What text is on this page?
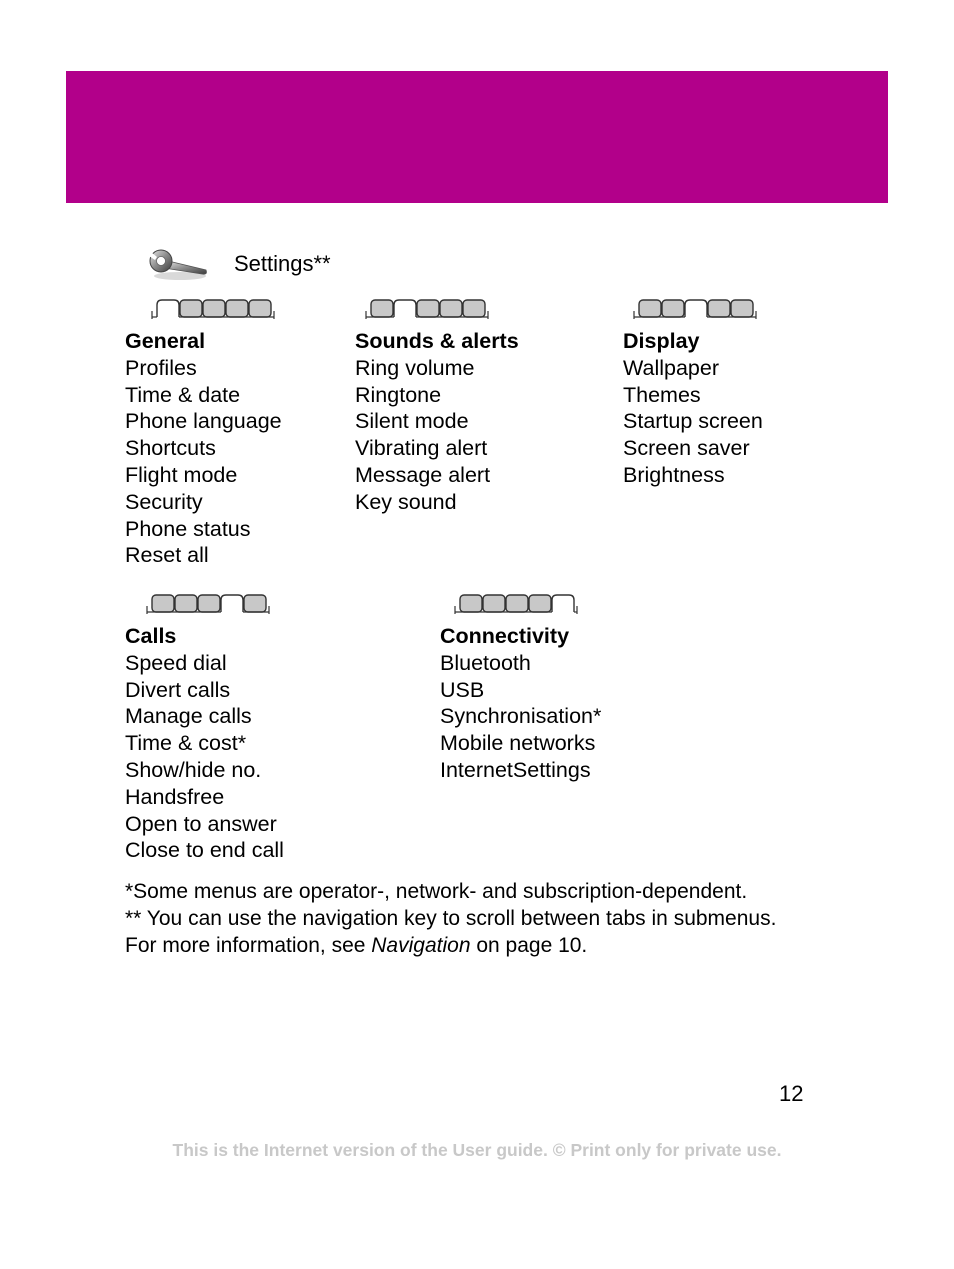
Settings**
General
Profiles
Time & date
Phone language
Shortcuts
Flight mode
Security
Phone status
Reset all
Sounds & alerts
Ring volume
Ringtone
Silent mode
Vibrating alert
Message alert
Key sound
Display
Wallpaper
Themes
Startup screen
Screen saver
Brightness
Calls
Speed dial
Divert calls
Manage calls
Time & cost*
Show/hide no.
Handsfree
Open to answer
Close to end call
Connectivity
Bluetooth
USB
Synchronisation*
Mobile networks
InternetSettings
*Some menus are operator-, network- and subscription-dependent.
** You can use the navigation key to scroll between tabs in submenus.
For more information, see Navigation on page 10.
12
This is the Internet version of the User guide. © Print only for private use.
